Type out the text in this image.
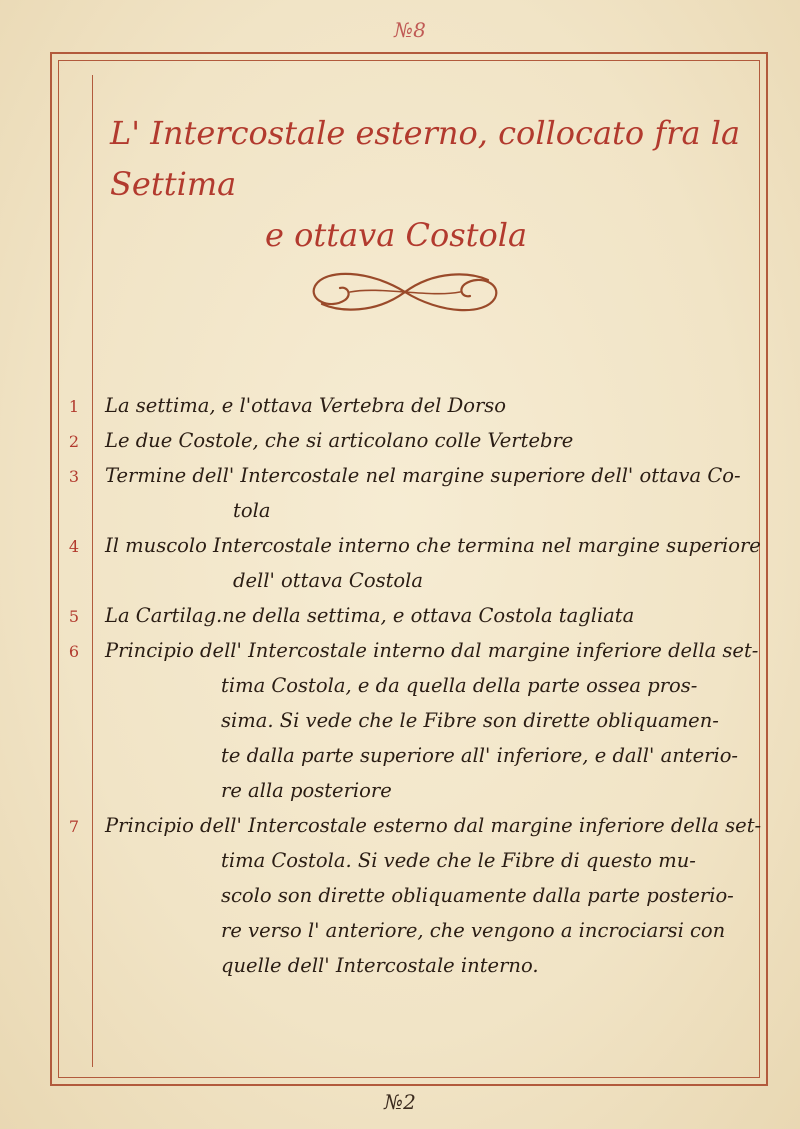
№8
L' Intercostale esterno, collocato fra la Settima
e ottava Costola
1	La settima, e l'ottava Vertebra del Dorso
2	Le due Costole, che si articolano colle Vertebre
3	Termine dell' Intercostale nel margine superiore dell' ottava Co-
tola
4	Il muscolo Intercostale interno che termina nel margine superiore
dell' ottava Costola
5	La Cartilag.ne della settima, e ottava Costola tagliata
6	Principio dell' Intercostale interno dal margine inferiore della set-
tima Costola, e da quella della parte ossea pros-
sima. Si vede che le Fibre son dirette obliquamen-
te dalla parte superiore all' inferiore, e dall' anterio-
re alla posteriore
7	Principio dell' Intercostale esterno dal margine inferiore della set-
tima Costola. Si vede che le Fibre di questo mu-
scolo son dirette obliquamente dalla parte posterio-
re verso l' anteriore, che vengono a incrociarsi con
quelle dell' Intercostale interno.
№2
